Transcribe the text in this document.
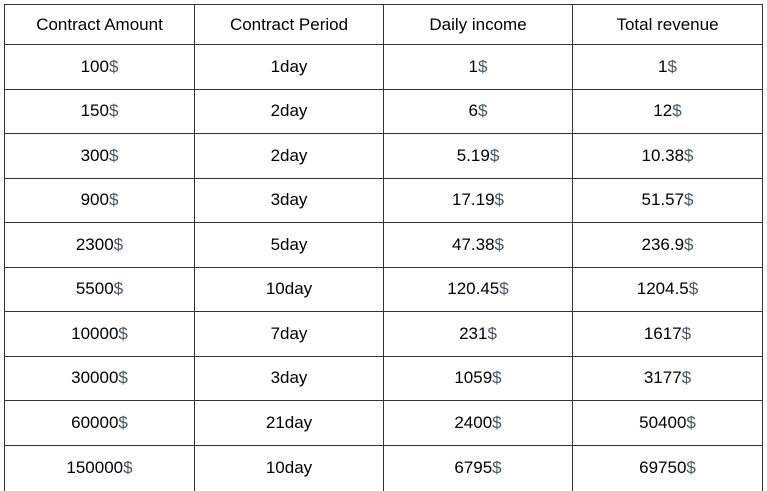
Contract Amount	Contract Period	Daily income	Total revenue
100$	1day	1$	1$
150$	2day	6$	12$
300$	2day	5.19$	10.38$
900$	3day	17.19$	51.57$
2300$	5day	47.38$	236.9$
5500$	10day	120.45$	1204.5$
10000$	7day	231$	1617$
30000$	3day	1059$	3177$
60000$	21day	2400$	50400$
150000$	10day	6795$	69750$
